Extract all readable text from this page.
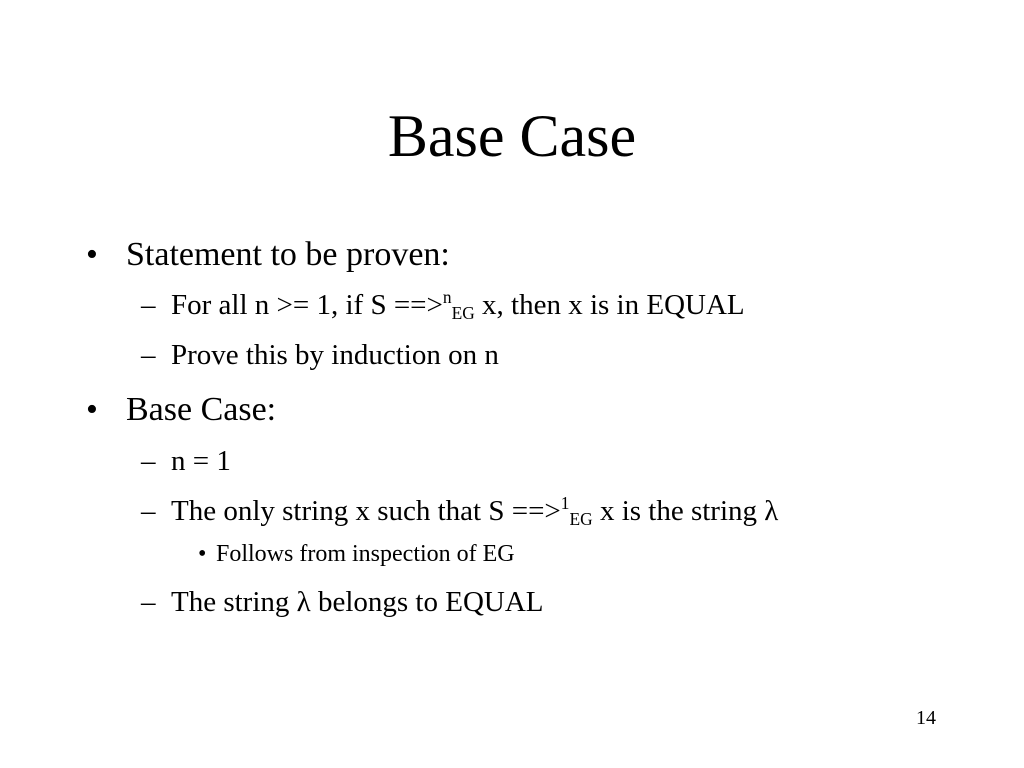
Base Case
• Statement to be proven:
– For all n >= 1, if S ==>$^n$EG x, then x is in EQUAL
– Prove this by induction on n
• Base Case:
– n = 1
– The only string x such that S ==>$^1$EG x is the string λ
• Follows from inspection of EG
– The string λ belongs to EQUAL
14
